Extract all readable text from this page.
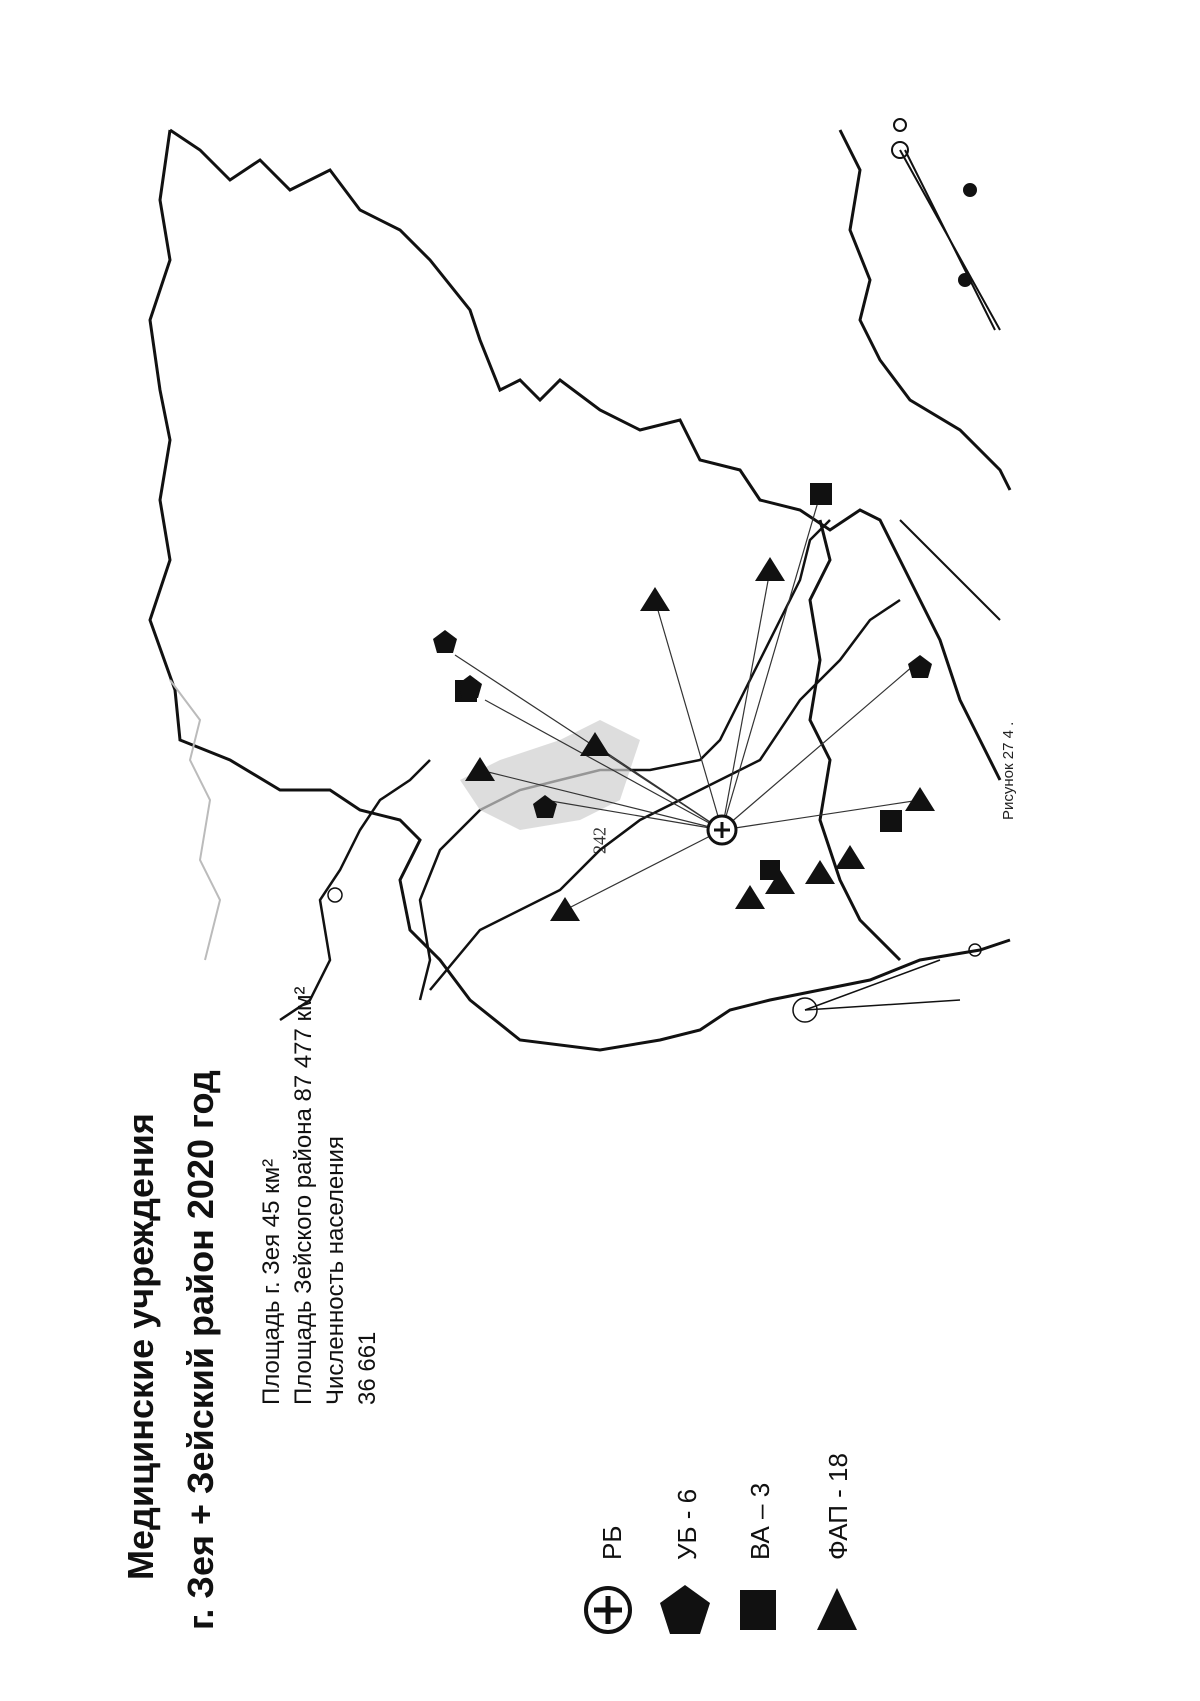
242
Медицинские учреждения г. Зея + Зейский район 2020 год Площадь г. Зея 45 км² Площадь Зейского района 87 477 км² Численность населения 36 661
РБ УБ - 6 ВА – 3 ФАП - 18
Рисунок 27 4 .
